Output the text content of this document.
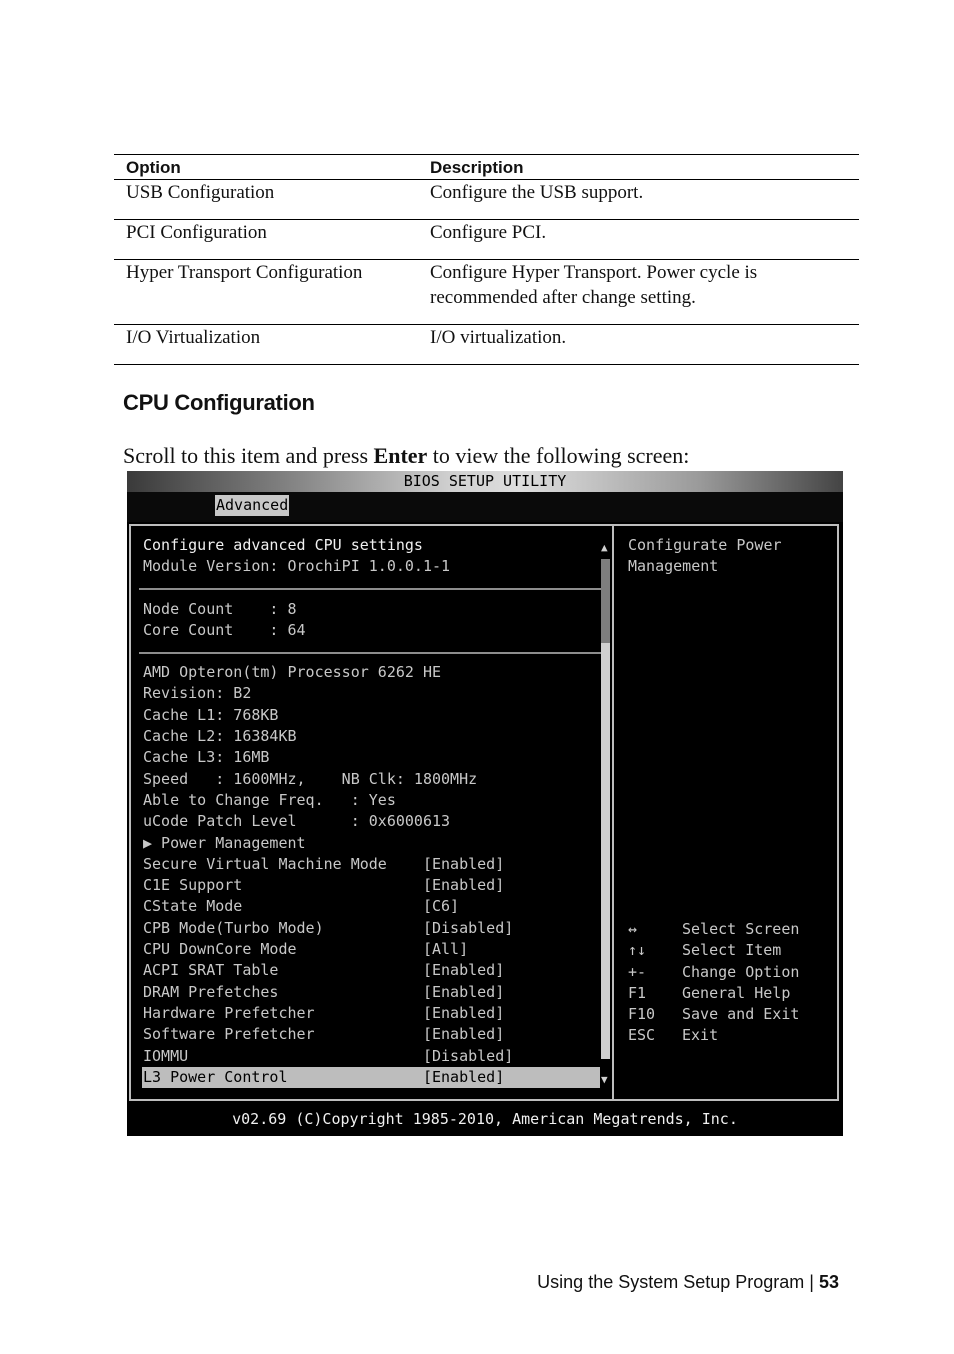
Option	Description
USB Configuration	Configure the USB support.
PCI Configuration	Configure PCI.
Hyper Transport Configuration	Configure Hyper Transport. Power cycle is recommended after change setting.
I/O Virtualization	I/O virtualization.
CPU Configuration
Scroll to this item and press Enter to view the following screen:
BIOS SETUP UTILITY
Advanced
Configure advanced CPU settings
Module Version: OrochiPI 1.0.0.1-1
Node Count    : 8
Core Count    : 64
AMD Opteron(tm) Processor 6262 HE
Revision: B2
Cache L1: 768KB
Cache L2: 16384KB
Cache L3: 16MB
Speed   : 1600MHz,    NB Clk: 1800MHz
Able to Change Freq.   : Yes
uCode Patch Level      : 0x6000613
▶ Power Management
Secure Virtual Machine Mode    [Enabled]
C1E Support                    [Enabled]
CState Mode                    [C6]
CPB Mode(Turbo Mode)           [Disabled]
CPU DownCore Mode              [All]
ACPI SRAT Table                [Enabled]
DRAM Prefetches                [Enabled]
Hardware Prefetcher            [Enabled]
Software Prefetcher            [Enabled]
IOMMU                          [Disabled]
L3 Power Control               [Enabled]
▲
▼
Configurate Power
Management
↔	Select Screen
↑↓ Select Item
+- Change Option
F1 General Help
F10 Save and Exit
ESC Exit
v02.69 (C)Copyright 1985-2010, American Megatrends, Inc.
Using the System Setup Program | 53
